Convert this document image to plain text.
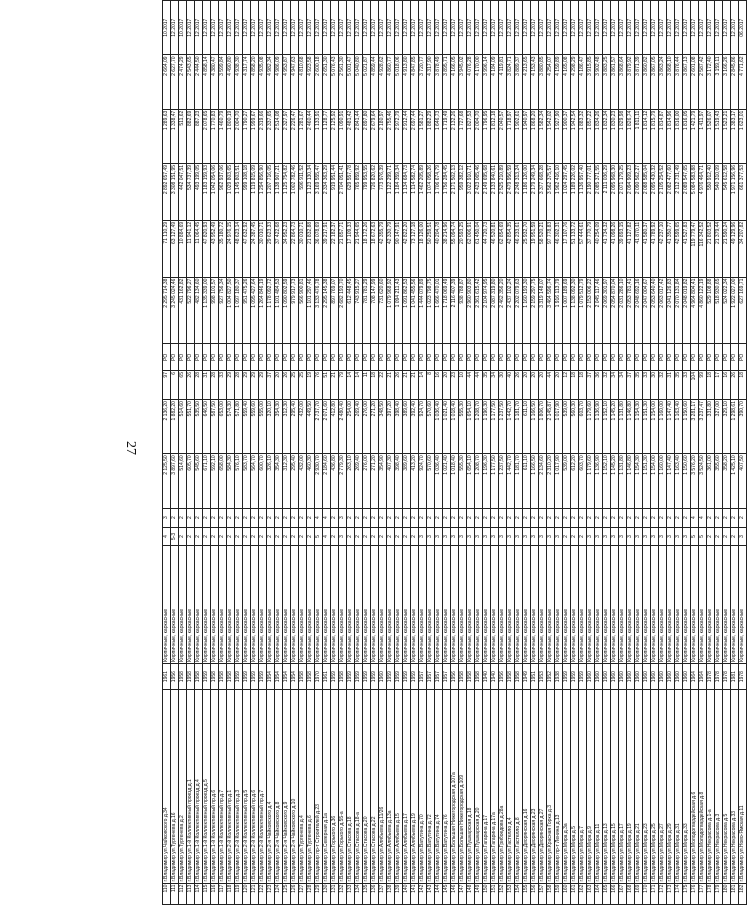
27
110	г.Владимир ул.Чайковского д.34	1961	Кирпичные, каркасные	4	3	2 125,50	2 136,20	97	РО	2 295 714,38	71 110,29	2 892 657,49	1 289,63	2 664,09	10.2017
111	г.Владимир ул.Тургенева д.16	1956	Кирпичные, каркасные	5-3	2	3 897,60	1 882,20	6	РО	3 245 024,46	63 127,49	3 308 151,95	1 338,47	2 627,70	12.2017
112	г.Владимир ул.Тургенева д.2	1958	Кирпичные, каркасные	2	2	514,60	514,60	65	РО	431 162,82	10 884,69	442 047,51	511,62	2 474,29	10.2017
113	г.Владимир ул.1-й Коллективный проезд д.1	1958	Кирпичные, каркасные	2	2	605,70	551,70	26	РО	522 796,27	11 941,12	534 737,39	882,69	2 543,65	12.2017
114	г.Владимир ул.1-й Коллективный проезд д.4	1958	Кирпичные, каркасные	2	2	545,60	535,50	28	РО	482 134,60	11 064,45	493 199,05	887,23	2 444,50	12.2017
115	г.Владимир ул.1-й Коллективный проезд д.5	1959	Кирпичные, каркасные	2	2	671,10	646,50	31	РО	1 135 339,00	47 820,93	1 183 159,93	2 078,65	4 858,14	12.2017
116	г.Владимир ул.1-й Коллективный пр.д.6	1958	Кирпичные, каркасные	2	2	592,10	587,50	28	РО	998 101,57	43 952,49	1 042 054,06	1 770,83	4 380,47	12.2017
117	г.Владимир ул.1-й Коллективный пр.д.7	1958	Кирпичные, каркасные	2	2	658,00	653,00	33	РО	927 756,34	35 180,72	962 937,06	1 460,79	3 599,84	12.2017
118	г.Владимир ул.2-й Коллективный пр.д.1	1958	Кирпичные, каркасные	2	2	584,30	574,30	29	РО	1 004 827,50	24 976,15	1 029 803,65	1 800,19	4 490,80	12.2017
119	г.Владимир ул.2-й Коллективный пр.д.3	1959	Кирпичные, каркасные	2	2	576,10	571,80	28	РО	1 097 180,37	48 623,14	1 145 803,51	2 004,70	4 938,30	12.2017
120	г.Владимир ул.2-й Коллективный пр.д.5	1959	Кирпичные, каркасные	2	2	583,70	559,40	29	РО	951 475,26	47 632,92	999 108,18	1 790,27	4 317,74	12.2017
121	г.Владимир ул.2-й Коллективный пр.д.6	1959	Кирпичные, каркасные	2	2	564,70	559,60	29	РО	1 095 427,64	24 387,45	1 119 815,09	1 999,67	4 858,20	12.2017
122	г.Владимир ул.2-й Коллективный пр.д.7	1959	Кирпичные, каркасные	2	2	600,70	555,00	29	РО	1 264 846,19	30 010,71	1 294 856,90	2 319,66	4 935,08	12.2017
123	г.Владимир ул.2-я Чайковского д.4	1954	Кирпичные, каркасные	2	2	326,10	320,10	37	РО	1 178 092,72	29 623,33	1 207 716,05	2 337,65	4 982,34	12.2017
124	г.Владимир ул.2-я Чайковского д.8	1954	Кирпичные, каркасные	2	2	354,30	354,30	20	РО	1 101 484,53	37 422,68	1 138 907,21	2 514,08	4 986,09	12.2017
125	г.Владимир ул.2-я Чайковского д.9	1954	Кирпичные, каркасные	2	2	312,30	312,30	26	РО	1 090 802,59	34 952,23	1 125 754,82	2 327,97	4 953,87	12.2017
126	г.Владимир ул.2-я Чайковского д.10	1954	Кирпичные, каркасные	2	2	295,40	295,40	25	РО	979 917,73	22 864,73	1 002 782,46	2 226,47	4 947,63	12.2017
127	г.Владимир ул.Тургенева д.4	1958	Кирпичные, каркасные	2	2	432,00	432,00	25	РО	566 900,81	30 010,71	596 911,52	1 281,67	4 810,68	12.2017
128	г.Владимир ул.Тургенева д.6	1958	Кирпичные, каркасные	2	2	460,30	449,50	19	РО	1 101 297,46	21 832,88	1 123 130,34	2 460,44	4 923,58	12.2017
129	г.Владимир пр-т Строителей д.23	1970	Кирпичные, каркасные	5	4	2 930,70	2 737,70	76	РО	3 133 476,78	36 078,69	3 169 555,47	1 133,91	2 600,18	12.2017
130	г.Владимир ул.Северная д.1а	1961	Кирпичные, каркасные	4	4	2 184,60	2 071,60	51	РО	2 295 145,38	39 217,91	2 334 363,29	1 128,77	2 651,30	12.2017
131	г.Владимир ул.Горького д.36	1959	Кирпичные, каркасные	2	2	436,80	412,80	21	РО	897 769,07	22 182,37	919 951,44	2 125,92	5 076,43	12.2017
132	г.Владимир ул.Горького д.55-а	1958	Кирпичные, каркасные	3	3	2 779,30	2 480,40	79	РО	2 682 193,70	21 857,71	2 704 051,41	1 090,91	2 561,30	12.2017
133	г.Владимир ул.Стасова д.18	1959	Кирпичные, каркасные	2	2	263,10	254,00	14	РО	612 448,45	17 109,33	629 557,78	2 481,42	5 001,47	12.2017
134	г.Владимир ул.Стасова д.18-а	1959	Кирпичные, каркасные	2	2	269,40	269,40	14	РО	743 915,27	21 944,65	765 859,92	2 841,44	5 040,80	12.2017
135	г.Владимир ул.Стасова д.20	1959	Кирпичные, каркасные	2	2	276,00	276,00	11	РО	781 781,29	18 172,26	799 953,55	2 897,80	5 021,87	12.2017
136	г.Владимир ул.Стасова д.22	1959	Кирпичные, каркасные	2	2	271,20	271,20	18	РО	708 147,99	18 672,63	726 820,62	2 679,64	4 859,44	12.2017
137	г.Владимир ул.Алябьева д.11/26	1960	Кирпичные, каркасные	2	2	354,90	348,50	22	РО	731 620,60	42 355,79	773 976,39	2 180,97	4 928,62	12.2017
138	г.Владимир ул.Алябьева д.13а	1959	Кирпичные, каркасные	2	2	407,30	397,20	21	РО	1 079 968,92	42 330,79	1 122 299,71	2 755,46	4 860,77	12.2017
139	г.Владимир ул.Алябьева д.15	1959	Кирпичные, каркасные	2	2	398,40	398,40	26	РО	1 094 211,43	90 147,91	1 184 359,34	2 972,79	5 018,06	12.2017
140	г.Владимир ул.Алябьева д.17	1959	Кирпичные, каркасные	2	2	389,60	389,60	21	РО	1 091 862,53	42 822,20	1 134 684,73	2 912,44	4 913,80	12.2017
141	г.Владимир ул.Алябьева д.19	1959	Кирпичные, каркасные	2	2	413,20	392,40	21	РО	1 041 455,56	73 127,18	1 114 582,74	2 697,44	4 847,85	12.2017
142	г.Владимир ул.Ватутина д.70	1957	Кирпичные, каркасные	3	2	924,70	924,70	14	РО	1 444 079,89	18 126,00	1 462 205,89	1 581,27	3 720,77	12.2017
143	г.Владимир ул.Ватутина д.72	1957	Кирпичные, каркасные	3	2	570,60	570,60	8	РО	1 023 798,75	50 259,51	1 074 058,26	1 882,29	4 317,90	12.2017
144	г.Владимир ул.Ватутина д.74	1957	Кирпичные, каркасные	3	2	1 036,40	1 036,40	16	РО	1 666 470,01	40 204,78	1 706 674,79	1 646,73	3 878,49	12.2017
145	г.Владимир ул.Ватутина д.76	1957	Кирпичные, каркасные	3	2	1 021,40	1 021,40	20	РО	1 718 069,49	38 214,96	1 756 284,45	1 719,49	3 895,71	12.2017
146	г.Владимир ул.Большая Нижегородская д.107а	1956	Кирпичные, каркасные	3	2	1 018,40	1 018,40	23	РО	2 116 407,39	55 094,74	2 171 502,13	2 132,26	4 166,05	12.2017
147	г.Владимир ул.Большая Нижегородская д.109	1958	Кирпичные, каркасные	3	2	555,30	555,30	10	РО	938 788,87	20 593,25	959 382,12	1 727,68	3 945,02	12.2017
148	г.Владимир ул.Пушкарская д.18	1958	Кирпичные, каркасные	3	2	1 654,10	1 654,10	44	РО	2 960 903,80	62 006,91	3 022 910,71	1 827,53	4 076,28	12.2017
149	г.Владимир ул.Пушкарская д.20	1958	Кирпичные, каркасные	3	2	1 208,70	1 208,70	44	РО	2 361 615,42	61 450,04	2 423 065,46	2 004,70	4 170,00	12.2017
150	г.Владимир ул.Гагарина д.17	1940	Кирпичные, каркасные	3	2	1 196,30	1 196,30	35	РО	2 104 974,95	44 720,73	2 149 695,68	1 796,95	3 996,14	12.2017
151	г.Владимир ул.Гагарина д.17а	1940	Кирпичные, каркасные	3	2	1 177,50	1 177,50	34	РО	2 087 319,80	46 520,81	2 133 840,61	1 812,18	4 184,09	12.2017
152	г.Владимир ул.Грибоедова д.28а	1956	Кирпичные, каркасные	3	2	1 237,50	1 237,50	30	РО	2 462 356,20	62 854,69	2 525 210,89	2 040,57	4 119,81	12.2017
153	г.Владимир ул.Гастелло д.4	1958	Кирпичные, каркасные	3	2	1 442,70	1 442,70	40	РО	2 437 102,24	42 854,35	2 479 956,59	1 718,97	3 824,71	12.2017
154	г.Владимир ул.Гастелло д.8	1958	Кирпичные, каркасные	3	2	1 181,70	1 181,70	26	РО	2 202 079,63	46 233,61	2 248 313,24	1 902,61	3 889,37	12.2017
155	г.Владимир ул.Дворянская д.16	1949	Кирпичные, каркасные	3	2	611,10	611,10	20	РО	1 160 193,30	25 932,70	1 186 126,00	1 940,97	4 213,65	12.2017
156	г.Владимир ул.Дворянская д.23	1951	Кирпичные, каркасные	3	2	1 166,50	1 166,50	20	РО	2 159 297,75	19 951,59	2 179 249,34	1 868,20	4 153,43	12.2017
157	г.Владимир ул.Дворянская д.27	1953	Кирпичные, каркасные	3	2	2 134,60	1 806,70	20	РО	3 319 148,07	58 520,21	3 377 668,28	1 582,34	3 880,85	12.2017
158	г.Владимир ул.Красная Горка д.3	1952	Кирпичные, каркасные	3	2	2 310,20	2 145,87	44	РО	3 464 596,74	97 778,83	3 562 375,57	1 542,02	4 254,07	12.2017
159	г.Владимир пр-т Ленина д.13	1938	Кирпичные, каркасные	3	2	1 017,90	1 017,90	20	РО	1 916 113,79	46 302,31	1 962 416,10	1 927,90	4 159,89	12.2017
160	г.Владимир ул.Мира д.3а	1959	Кирпичные, каркасные	2	2	539,00	539,00	12	РО	1 007 189,69	17 107,76	1 024 297,45	1 900,37	4 165,08	12.2017
161	г.Владимир ул.Мира д.5	1959	Кирпичные, каркасные	2	2	612,20	560,30	18	РО	1 138 092,30	51 133,72	1 189 226,02	1 942,54	4 298,29	12.2017
162	г.Владимир ул.Мира д.7	1959	Кирпичные, каркасные	2	2	603,70	603,70	18	РО	1 079 512,79	57 444,61	1 136 957,40	1 883,32	4 186,47	12.2017
163	г.Владимир ул.Мира д.9	1960	Кирпичные, каркасные	3	2	1 179,60	1 179,60	37	РО	2 153 006,22	37 770,79	2 190 777,01	1 857,22	3 915,85	12.2017
164	г.Владимир ул.Мира д.11	1960	Кирпичные, каркасные	3	2	1 136,90	1 136,90	36	РО	2 045 117,46	40 254,09	2 085 371,55	1 834,26	3 902,48	12.2017
165	г.Владимир ул.Мира д.13	1960	Кирпичные, каркасные	3	2	1 152,10	1 152,10	32	РО	2 069 301,97	41 734,32	2 111 036,29	1 832,34	3 883,25	12.2017
166	г.Владимир ул.Мира д.15	1960	Кирпичные, каркасные	3	2	1 145,20	1 145,20	34	РО	2 054 870,04	41 098,26	2 095 968,30	1 830,23	3 861,57	12.2017
167	г.Владимир ул.Мира д.17	1960	Кирпичные, каркасные	3	2	1 131,80	1 131,80	34	РО	2 031 286,10	39 893,15	2 071 179,25	1 829,98	3 868,64	12.2017
168	г.Владимир ул.Мира д.19	1960	Кирпичные, каркасные	3	2	1 146,80	1 146,80	37	РО	2 053 781,41	41 127,82	2 094 909,23	1 826,74	3 879,92	12.2017
169	г.Владимир ул.Мира д.21	1960	Кирпичные, каркасные	3	2	1 154,30	1 154,30	35	РО	2 048 692,16	41 870,11	2 090 562,27	1 811,11	3 871,39	12.2017
170	г.Владимир ул.Мира д.23	1960	Кирпичные, каркасные	3	2	1 151,30	1 151,30	33	РО	2 047 004,67	41 580,37	2 088 585,04	1 814,12	3 860,82	12.2017
171	г.Владимир ул.Мира д.25	1960	Кирпичные, каркасные	3	2	1 154,00	1 154,00	30	РО	2 053 640,40	41 789,92	2 095 430,32	1 815,79	3 867,05	12.2017
172	г.Владимир ул.Мира д.27	1960	Кирпичные, каркасные	3	2	1 160,00	1 160,00	32	РО	2 063 017,42	42 237,10	2 105 254,52	1 814,87	3 863,24	12.2017
173	г.Владимир ул.Мира д.29	1960	Кирпичные, каркасные	3	2	1 147,40	1 147,40	31	РО	2 041 126,83	41 350,77	2 082 477,60	1 814,96	3 868,10	12.2017
174	г.Владимир ул.Мира д.31	1960	Кирпичные, каркасные	3	2	1 163,40	1 163,40	35	РО	2 070 131,84	42 599,65	2 112 731,49	1 816,00	3 876,44	12.2017
175	г.Владимир ул.Мира д.33	1960	Кирпичные, каркасные	3	2	1 150,60	1 150,60	33	РО	2 048 019,82	41 527,83	2 089 547,65	1 816,05	3 867,13	12.2017
176	г.Владимир ул.Молодогвардейская д.6	1964	Кирпичные, каркасные	5	4	3 576,20	3 281,17	104	РО	4 964 804,41	119 779,47	5 084 583,88	1 421,79	2 601,08	12.2017
177	г.Владимир ул.Молодогвардейская д.8	1964	Кирпичные, каркасные	5	4	3 524,50	3 237,47	99	РО	4 860 122,19	116 342,52	4 976 464,71	1 411,97	2 587,42	12.2017
178	г.Владимир ул.Некрасова д.1-а	1978	Кирпичные, каркасные	2	2	361,00	331,80	18	РО	529 108,88	21 803,52	550 912,40	1 526,07	3 172,40	12.2017
179	г.Владимир ул.Некрасова д.3	1978	Кирпичные, каркасные	2	2	355,60	327,00	17	РО	518 930,65	21 379,44	540 310,09	1 519,43	3 159,11	12.2017
180	г.Владимир ул.Некрасова д.5	1978	Кирпичные, каркасные	2	2	358,20	329,10	16	РО	524 022,34	21 590,24	545 612,58	1 523,21	3 166,26	12.2017
181	г.Владимир ул.Некрасова д.33	1981	Кирпичные, каркасные	2	2	1 425,10	1 298,61	26	РО	1 922 027,00	49 129,96	1 971 156,96	1 383,17	2 845,86	12.2017
182	г.Владимир ул.Ново-Ямская д.11	1978	Кирпичные, каркасные	3	2	407,50	390,70	18	РО	627 169,71	34 207,82	661 377,53	1 623,01	4 771,62	06.2017
